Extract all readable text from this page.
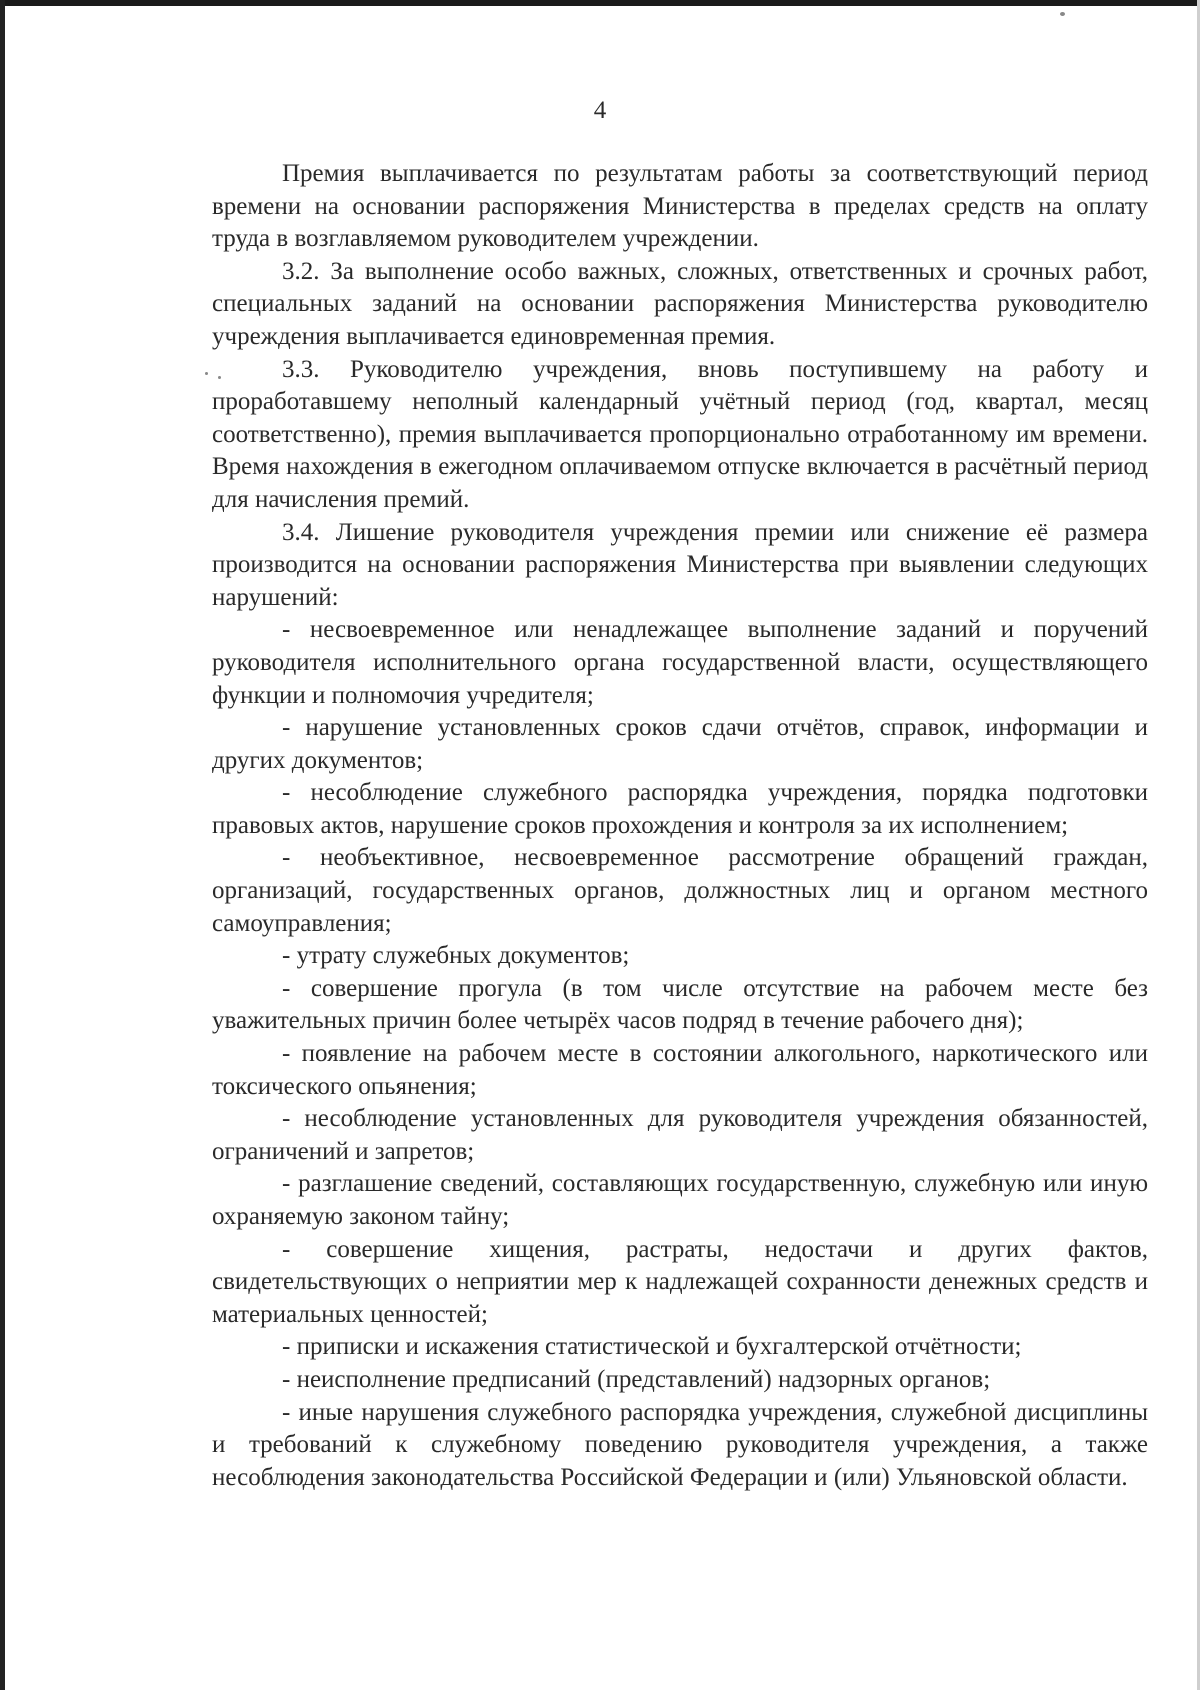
4

Премия выплачивается по результатам работы за соответствующий период времени на основании распоряжения Министерства в пределах средств на оплату труда в возглавляемом руководителем учреждении.

3.2. За выполнение особо важных, сложных, ответственных и срочных работ, специальных заданий на основании распоряжения Министерства руководителю учреждения выплачивается единовременная премия.

3.3. Руководителю учреждения, вновь поступившему на работу и проработавшему неполный календарный учётный период (год, квартал, месяц соответственно), премия выплачивается пропорционально отработанному им времени. Время нахождения в ежегодном оплачиваемом отпуске включается в расчётный период для начисления премий.

3.4. Лишение руководителя учреждения премии или снижение её размера производится на основании распоряжения Министерства при выявлении следующих нарушений:

- несвоевременное или ненадлежащее выполнение заданий и поручений руководителя исполнительного органа государственной власти, осуществляющего функции и полномочия учредителя;

- нарушение установленных сроков сдачи отчётов, справок, информации и других документов;

- несоблюдение служебного распорядка учреждения, порядка подготовки правовых актов, нарушение сроков прохождения и контроля за их исполнением;

- необъективное, несвоевременное рассмотрение обращений граждан, организаций, государственных органов, должностных лиц и органом местного самоуправления;

- утрату служебных документов;

- совершение прогула (в том числе отсутствие на рабочем месте без уважительных причин более четырёх часов подряд в течение рабочего дня);

- появление на рабочем месте в состоянии алкогольного, наркотического или токсического опьянения;

- несоблюдение установленных для руководителя учреждения обязанностей, ограничений и запретов;

- разглашение сведений, составляющих государственную, служебную или иную охраняемую законом тайну;

- совершение хищения, растраты, недостачи и других фактов, свидетельствующих о неприятии мер к надлежащей сохранности денежных средств и материальных ценностей;

- приписки и искажения статистической и бухгалтерской отчётности;

- неисполнение предписаний (представлений) надзорных органов;

- иные нарушения служебного распорядка учреждения, служебной дисциплины и требований к служебному поведению руководителя учреждения, а также несоблюдения законодательства Российской Федерации и (или) Ульяновской области.
